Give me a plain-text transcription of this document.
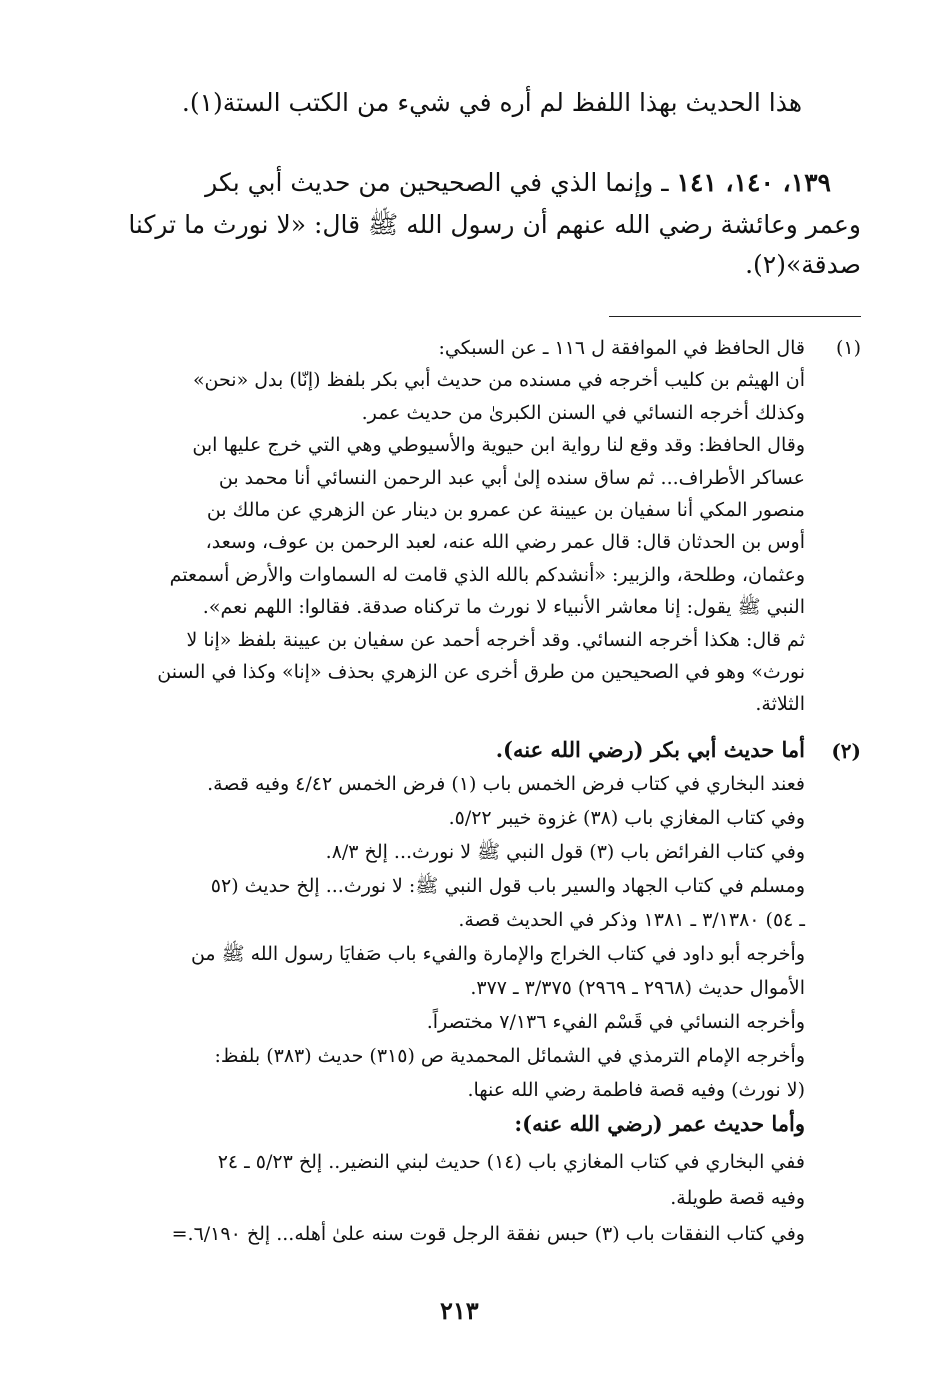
هذا الحديث بهذا اللفظ لم أره في شيء من الكتب الستة(١).
١٣٩، ١٤٠، ١٤١ ـ وإنما الذي في الصحيحين من حديث أبي بكر
وعمر وعائشة رضي الله عنهم أن رسول الله ﷺ قال: «لا نورث ما تركنا
صدقة»(٢).
(١)
قال الحافظ في الموافقة ل ١١٦ ـ عن السبكي:
أن الهيثم بن كليب أخرجه في مسنده من حديث أبي بكر بلفظ (إنّا) بدل «نحن»
وكذلك أخرجه النسائي في السنن الكبرىٰ من حديث عمر.
وقال الحافظ: وقد وقع لنا رواية ابن حيوية والأسيوطي وهي التي خرج عليها ابن
عساكر الأطراف... ثم ساق سنده إلىٰ أبي عبد الرحمن النسائي أنا محمد بن
منصور المكي أنا سفيان بن عيينة عن عمرو بن دينار عن الزهري عن مالك بن
أوس بن الحدثان قال: قال عمر رضي الله عنه، لعبد الرحمن بن عوف، وسعد،
وعثمان، وطلحة، والزبير: «أنشدكم بالله الذي قامت له السماوات والأرض أسمعتم
النبي ﷺ يقول: إنا معاشر الأنبياء لا نورث ما تركناه صدقة. فقالوا: اللهم نعم».
ثم قال: هكذا أخرجه النسائي. وقد أخرجه أحمد عن سفيان بن عيينة بلفظ «إنا لا
نورث» وهو في الصحيحين من طرق أخرى عن الزهري بحذف «إنا» وكذا في السنن
الثلاثة.
(٢)
أما حديث أبي بكر (رضي الله عنه).
فعند البخاري في كتاب فرض الخمس باب (١) فرض الخمس ٤/٤٢ وفيه قصة.
وفي كتاب المغازي باب (٣٨) غزوة خيبر ٥/٢٢.
وفي كتاب الفرائض باب (٣) قول النبي ﷺ لا نورث... إلخ ٨/٣.
ومسلم في كتاب الجهاد والسير باب قول النبي ﷺ: لا نورث... إلخ حديث (٥٢
ـ ٥٤) ٣/١٣٨٠ ـ ١٣٨١ وذكر في الحديث قصة.
وأخرجه أبو داود في كتاب الخراج والإمارة والفيء باب صَفايَا رسول الله ﷺ من
الأموال حديث (٢٩٦٨ ـ ٢٩٦٩) ٣/٣٧٥ ـ ٣٧٧.
وأخرجه النسائي في قَسْم الفيء ٧/١٣٦ مختصراً.
وأخرجه الإمام الترمذي في الشمائل المحمدية ص (٣١٥) حديث (٣٨٣) بلفظ:
(لا نورث) وفيه قصة فاطمة رضي الله عنها.
وأما حديث عمر (رضي الله عنه):
ففي البخاري في كتاب المغازي باب (١٤) حديث لبني النضير.. إلخ ٥/٢٣ ـ ٢٤
وفيه قصة طويلة.
وفي كتاب النفقات باب (٣) حبس نفقة الرجل قوت سنه علىٰ أهله... إلخ ٦/١٩٠.=
٢١٣
